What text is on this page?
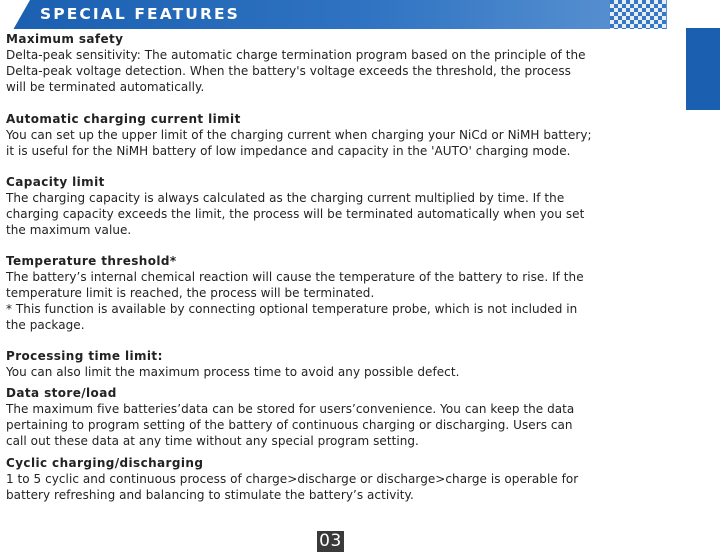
SPECIAL FEATURES
Maximum safety
Delta-peak sensitivity: The automatic charge termination program based on the principle of the
Delta-peak voltage detection. When the battery's voltage exceeds the threshold, the process
will be terminated automatically.
Automatic charging current limit
You can set up the upper limit of the charging current when charging your NiCd or NiMH battery;
it is useful for the NiMH battery of low impedance and capacity in the 'AUTO' charging mode.
Capacity limit
The charging capacity is always calculated as the charging current multiplied by time. If the
charging capacity exceeds the limit, the process will be terminated automatically when you set
the maximum value.
Temperature threshold*
The battery’s internal chemical reaction will cause the temperature of the battery to rise. If the
temperature limit is reached, the process will be terminated.
* This function is available by connecting optional temperature probe, which is not included in
the package.
Processing time limit:
You can also limit the maximum process time to avoid any possible defect.
Data store/load
The maximum five batteries’data can be stored for users’convenience. You can keep the data
pertaining to program setting of the battery of continuous charging or discharging. Users can
call out these data at any time without any special program setting.
Cyclic charging/discharging
1 to 5 cyclic and continuous process of charge>discharge or discharge>charge is operable for
battery refreshing and balancing to stimulate the battery’s activity.
03
